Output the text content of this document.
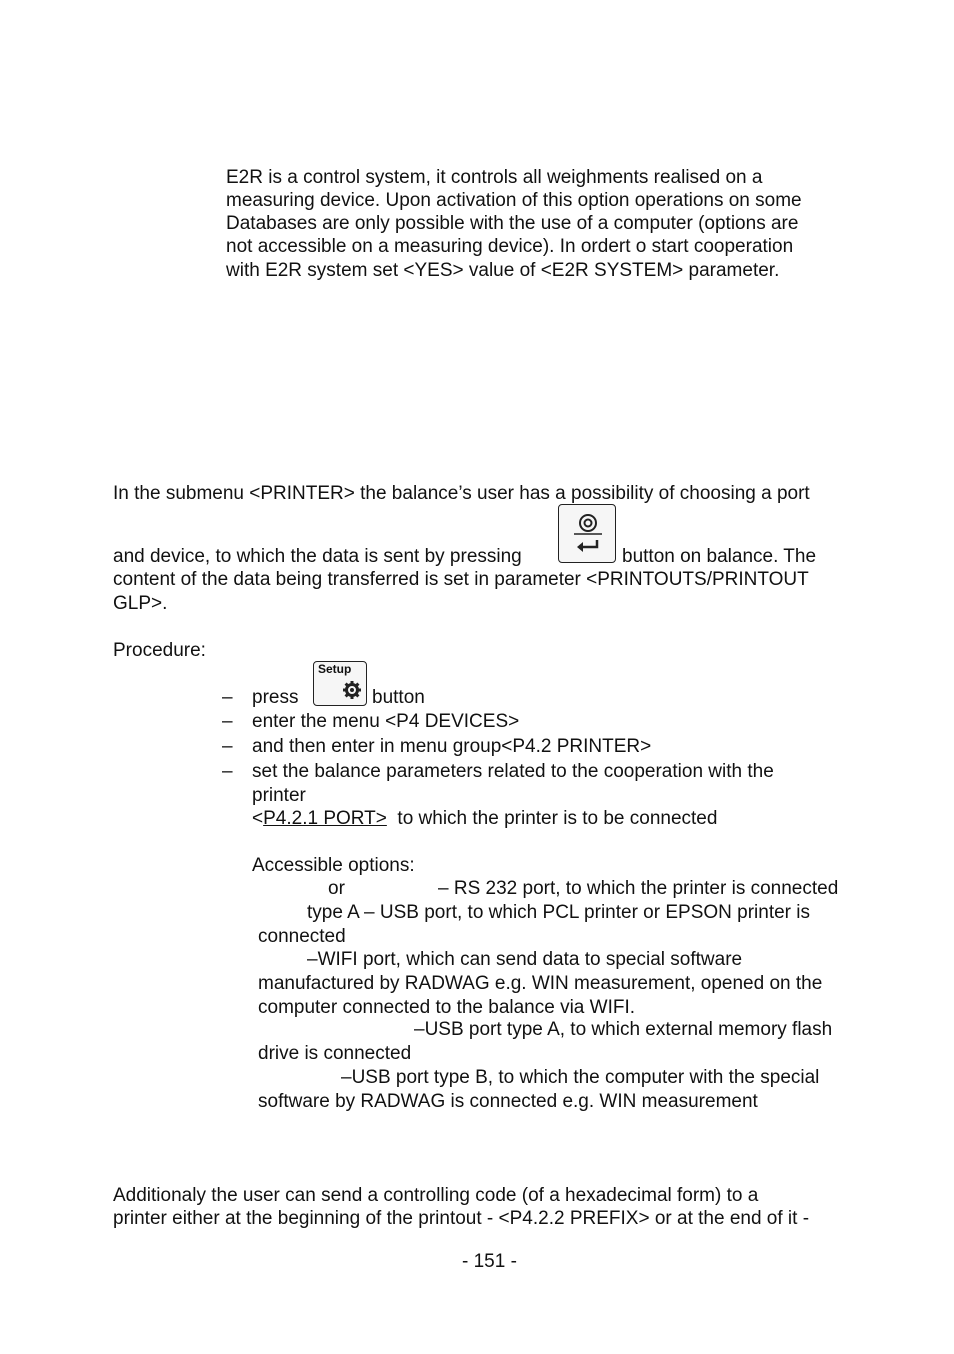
E2R is a control system, it controls all weighments realised on a
measuring device. Upon activation of this option operations on some
Databases are only possible with the use of a computer (options are
not accessible on a measuring device). In ordert o start cooperation
with E2R system set <YES> value of <E2R SYSTEM> parameter.
In the submenu <PRINTER> the balance’s user has a possibility of choosing a port
and device, to which the data is sent by pressing	button on balance. The
content of the data being transferred is set in parameter <PRINTOUTS/PRINTOUT
GLP>.
Procedure:
– press
Setup
button
– enter the menu <P4 DEVICES>
– and then enter in menu group<P4.2 PRINTER>
– set the balance parameters related to the cooperation with the
printer
<P4.2.1 PORT>  to which the printer is to be connected
Accessible options:
or	– RS 232 port, to which the printer is connected
type A – USB port, to which PCL printer or EPSON printer is
connected
–WIFI port, which can send data to special software
manufactured by RADWAG e.g. WIN measurement, opened on the
computer connected to the balance via WIFI.
–USB port type A, to which external memory flash
drive is connected
–USB port type B, to which the computer with the special
software by RADWAG is connected e.g. WIN measurement
Additionaly the user can send a controlling code (of a hexadecimal form) to a
printer either at the beginning of the printout - <P4.2.2 PREFIX> or at the end of it -
- 151 -
